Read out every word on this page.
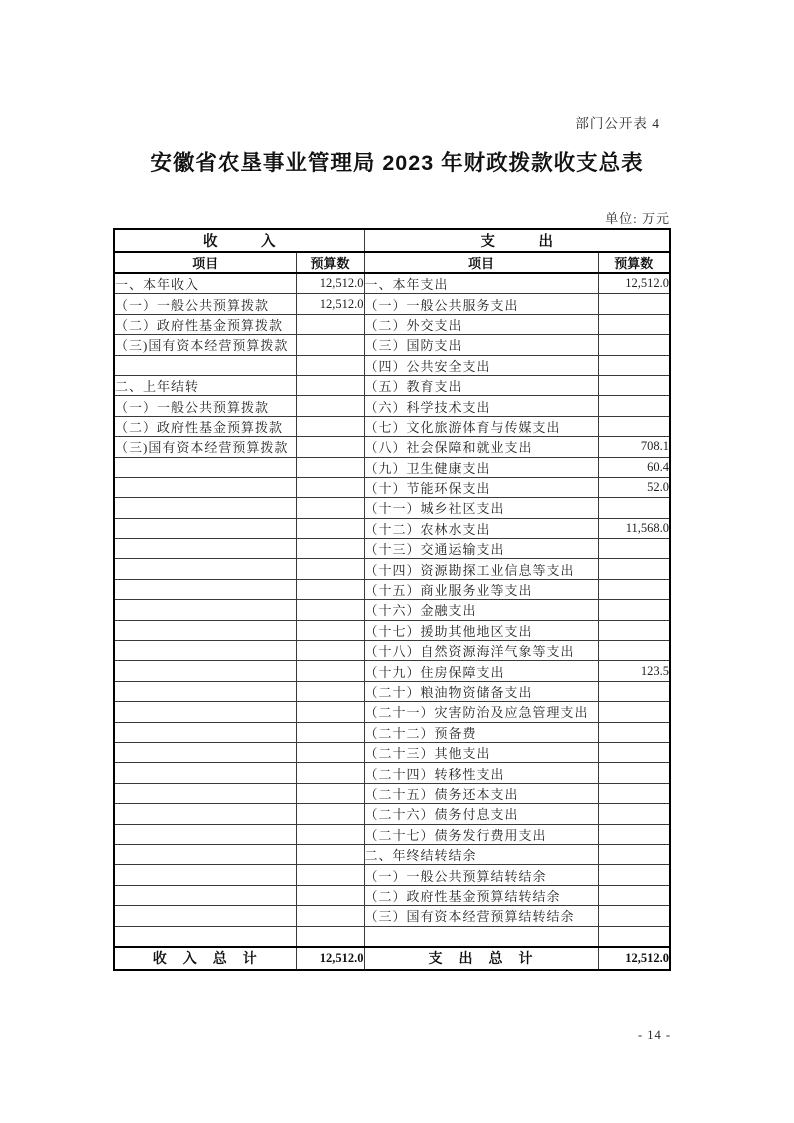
部门公开表 4
安徽省农垦事业管理局 2023 年财政拨款收支总表
单位: 万元
收　　　入		支　　　出	
项目	预算数	项目	预算数
一、本年收入	12,512.0	一、本年支出	12,512.0
（一）一般公共预算拨款	12,512.0	（一）一般公共服务支出	
（二）政府性基金预算拨款		（二）外交支出	
（三)国有资本经营预算拨款		（三）国防支出	
		（四）公共安全支出	
二、上年结转		（五）教育支出	
（一）一般公共预算拨款		（六）科学技术支出	
（二）政府性基金预算拨款		（七）文化旅游体育与传媒支出	
（三)国有资本经营预算拨款		（八）社会保障和就业支出	708.1
		（九）卫生健康支出	60.4
		（十）节能环保支出	52.0
		（十一）城乡社区支出	
		（十二）农林水支出	11,568.0
		（十三）交通运输支出	
		（十四）资源勘探工业信息等支出	
		（十五）商业服务业等支出	
		（十六）金融支出	
		（十七）援助其他地区支出	
		（十八）自然资源海洋气象等支出	
		（十九）住房保障支出	123.5
		（二十）粮油物资储备支出	
		（二十一）灾害防治及应急管理支出	
		（二十二）预备费	
		（二十三）其他支出	
		（二十四）转移性支出	
		（二十五）债务还本支出	
		（二十六）债务付息支出	
		（二十七）债务发行费用支出	
		二、年终结转结余	
		（一）一般公共预算结转结余	
		（二）政府性基金预算结转结余	
		（三）国有资本经营预算结转结余	

收　入　总　计	12,512.0	支　出　总　计	12,512.0
- 14 -
